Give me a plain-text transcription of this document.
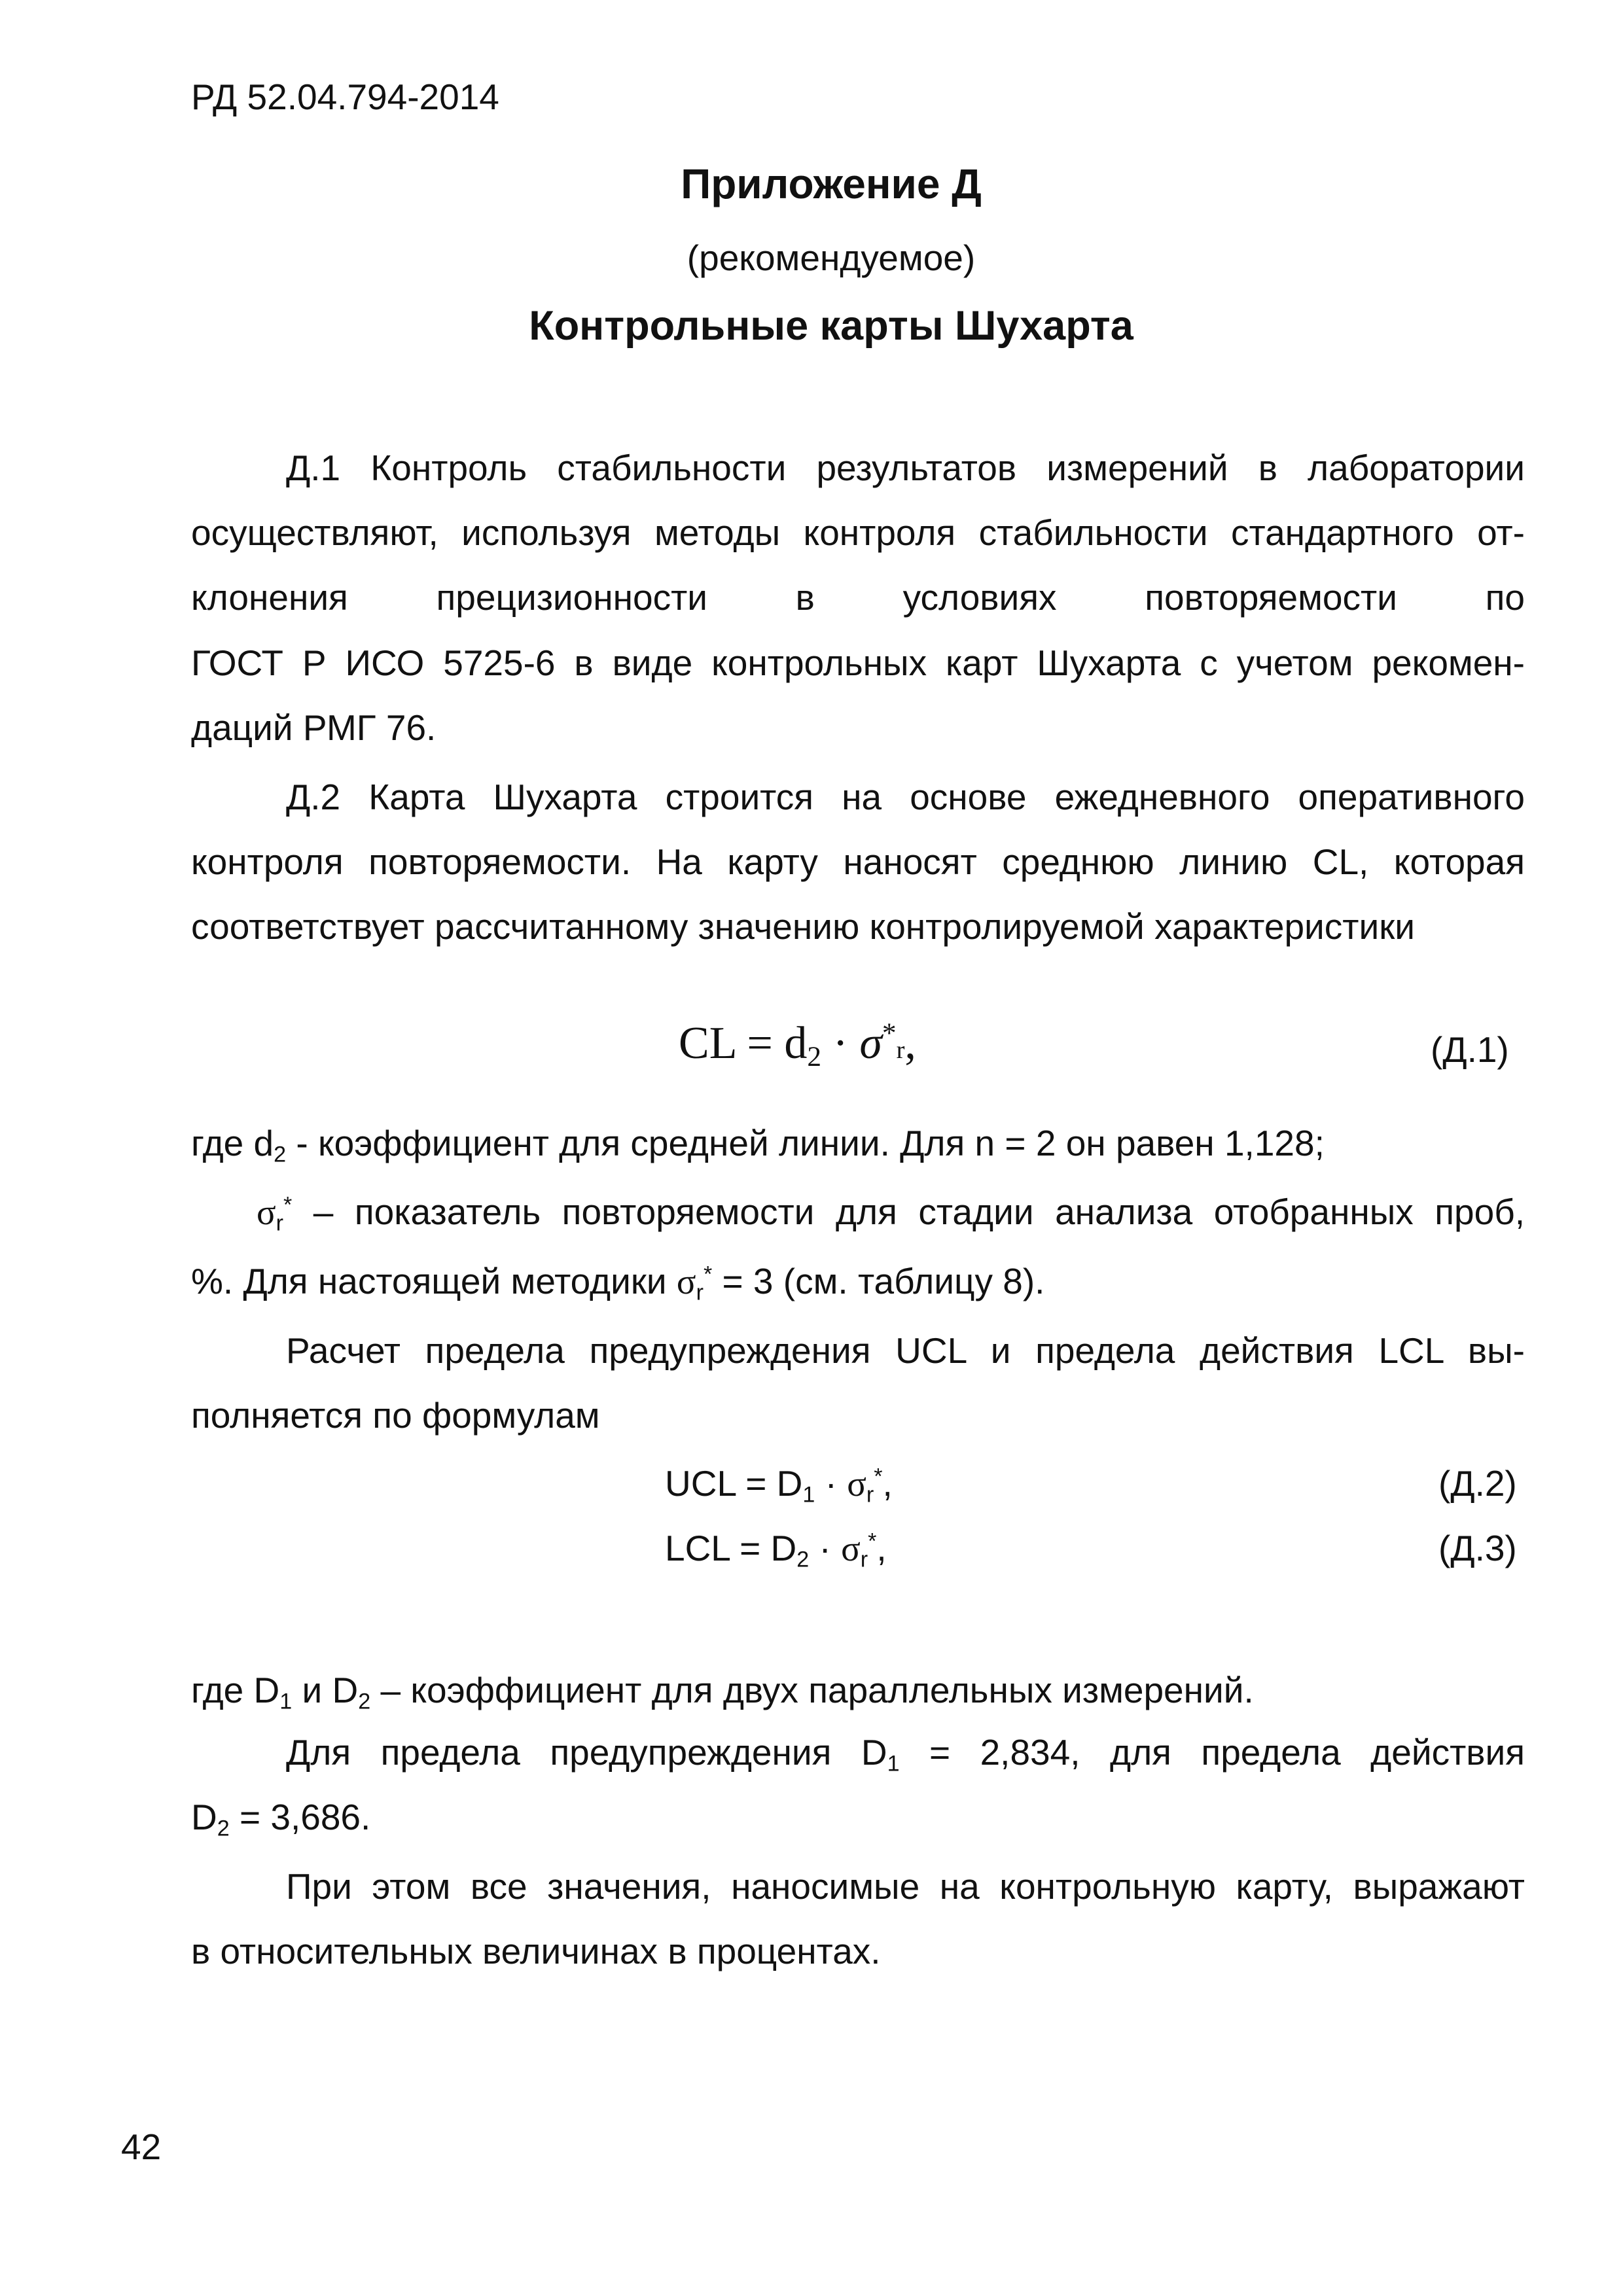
РД 52.04.794-2014
Приложение Д
(рекомендуемое)
Контрольные карты Шухарта
Д.1 Контроль стабильности результатов измерений в лаборатории
осуществляют, используя методы контроля стабильности стандартного от-
клонения прецизионности в условиях повторяемости по
ГОСТ Р ИСО 5725-6 в виде контрольных карт Шухарта с учетом рекомен-
даций РМГ 76.
Д.2 Карта Шухарта строится на основе ежедневного оперативного
контроля повторяемости. На карту наносят среднюю линию CL, которая
соответствует рассчитанному значению контролируемой характеристики
CL = $d_2 \cdot \sigma^*r$,	(Д.1)
где $d_2$ - коэффициент для средней линии. Для n = 2 он равен 1,128;
$\sigma_r^*$ – показатель повторяемости для стадии анализа отобранных проб,
%. Для настоящей методики $\sigma_r^* = 3$ (см. таблицу 8).
Расчет предела предупреждения UCL и предела действия LCL вы-
полняется по формулам
UCL = $D_1 \cdot \sigma_r^*$,	(Д.2)
LCL = $D_2 \cdot \sigma_r^*$,	(Д.3)
где $D_1$ и $D_2$ – коэффициент для двух параллельных измерений.
Для предела предупреждения $D_1 = 2,834$, для предела действия
$D_2 = 3,686$.
При этом все значения, наносимые на контрольную карту, выражают
в относительных величинах в процентах.
42
